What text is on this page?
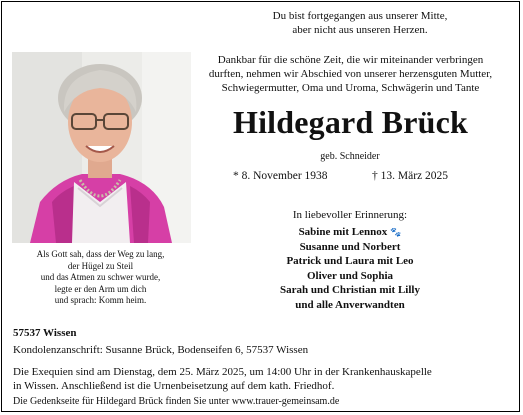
Du bist fortgegangen aus unserer Mitte,
aber nicht aus unseren Herzen.
Dankbar für die schöne Zeit, die wir miteinander verbringen
durften, nehmen wir Abschied von unserer herzensguten Mutter,
Schwiegermutter, Oma und Uroma, Schwägerin und Tante
Hildegard Brück
geb. Schneider
* 8. November 1938	† 13. März 2025
Als Gott sah, dass der Weg zu lang,
der Hügel zu Steil
und das Atmen zu schwer wurde,
legte er den Arm um dich
und sprach: Komm heim.
In liebevoller Erinnerung:
Sabine mit Lennox 🐾
Susanne und Norbert
Patrick und Laura mit Leo
Oliver und Sophia
Sarah und Christian mit Lilly
und alle Anverwandten
57537 Wissen
Kondolenzanschrift: Susanne Brück, Bodenseifen 6, 57537 Wissen
Die Exequien sind am Dienstag, dem 25. März 2025, um 14:00 Uhr in der Krankenhauskapelle
in Wissen. Anschließend ist die Urnenbeisetzung auf dem kath. Friedhof.
Die Gedenkseite für Hildegard Brück finden Sie unter www.trauer-gemeinsam.de
